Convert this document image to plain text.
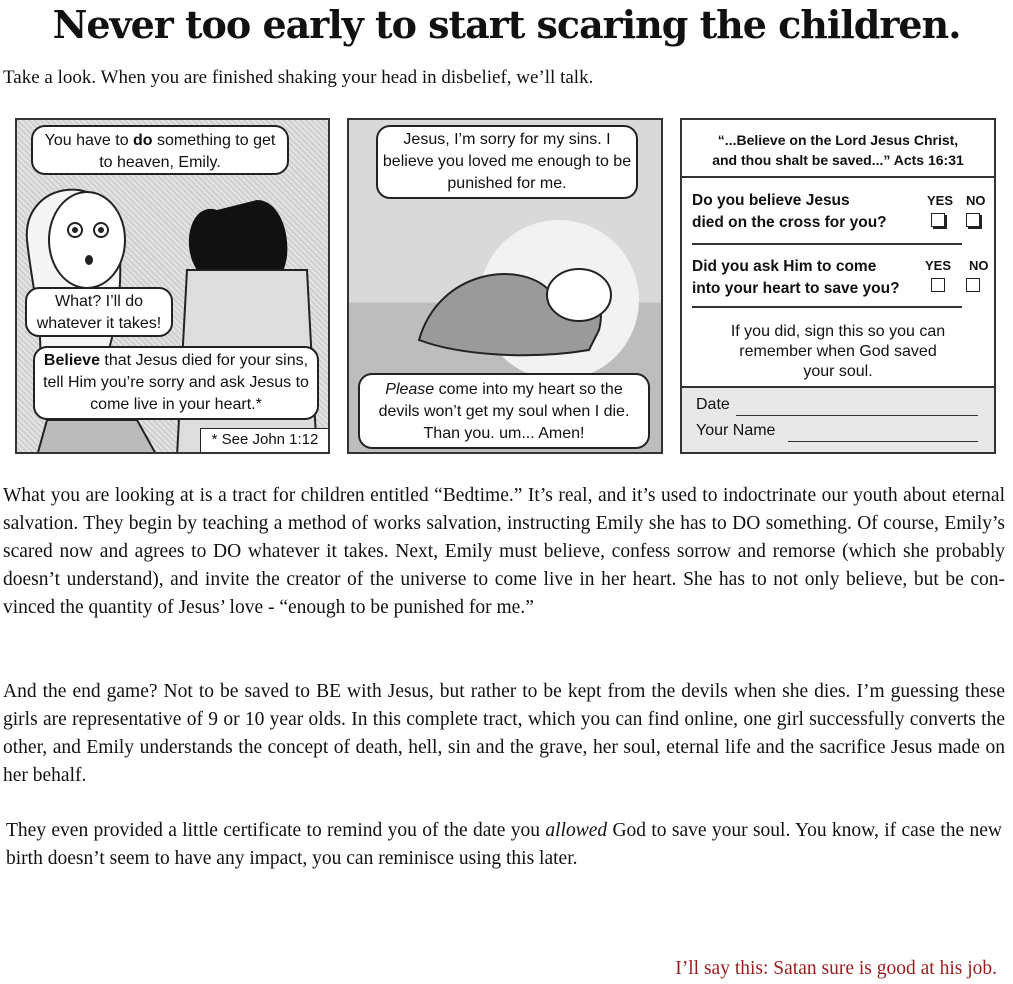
Never too early to start scaring the children.
Take a look. When you are finished shaking your head in disbelief, we’ll talk.
You have to do something to get to heaven, Emily.
What? I’ll do whatever it takes!
Believe that Jesus died for your sins, tell Him you’re sorry and ask Jesus to come live in your heart.*
* See John 1:12
Jesus, I’m sorry for my sins. I believe you loved me enough to be punished for me.
Please come into my heart so the devils won’t get my soul when I die. Than you. um... Amen!
“...Believe on the Lord Jesus Christ,
and thou shalt be saved...” Acts 16:31
Do you believe Jesus
died on the cross for you?
YES NO
Did you ask Him to come
into your heart to save you?
YES NO
If you did, sign this so you can remember when God saved your soul.
Date
Your Name
What you are looking at is a tract for children entitled “Bedtime.” It’s real, and it’s used to indoctrinate our youth about eternal salvation. They begin by teaching a method of works salvation, instructing Emily she has to DO something. Of course, Emily’s scared now and agrees to DO whatever it takes. Next, Emily must believe, confess sorrow and remorse (which she probably doesn’t understand), and invite the creator of the universe to come live in her heart. She has to not only believe, but be con-vinced the quantity of Jesus’ love - “enough to be punished for me.”
And the end game? Not to be saved to BE with Jesus, but rather to be kept from the devils when she dies. I’m guessing these girls are representative of 9 or 10 year olds. In this complete tract, which you can find online, one girl successfully converts the other, and Emily understands the concept of death, hell, sin and the grave, her soul, eternal life and the sacrifice Jesus made on her behalf.
They even provided a little certificate to remind you of the date you allowed God to save your soul. You know, if case the new birth doesn’t seem to have any impact, you can reminisce using this later.
I’ll say this: Satan sure is good at his job.
